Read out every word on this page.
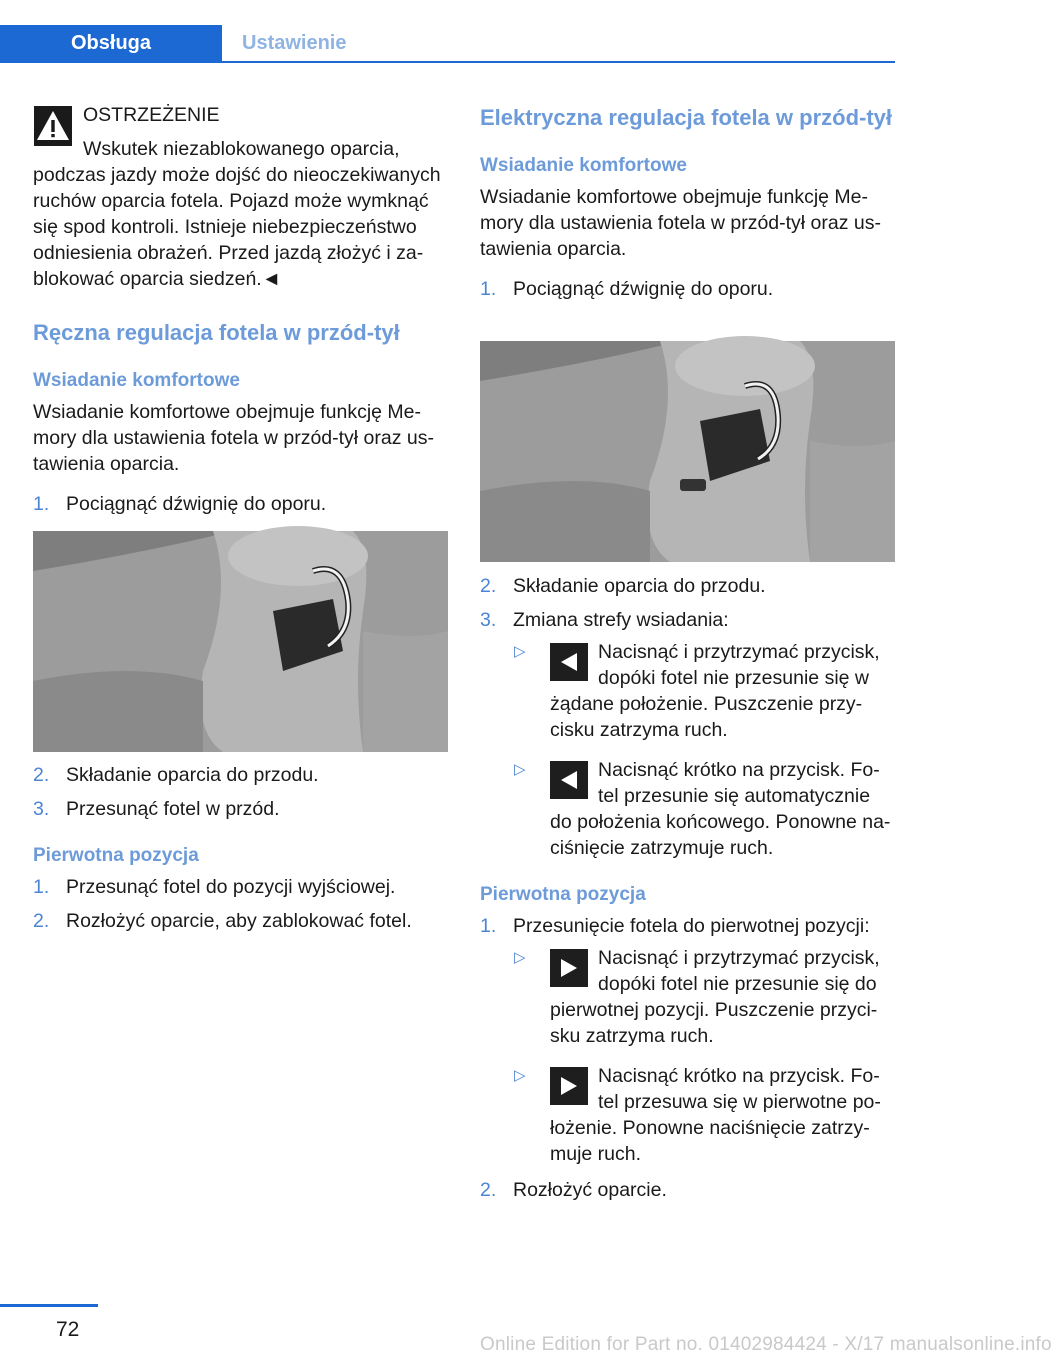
Obsługa	Ustawienie

OSTRZEŻENIE

Wskutek niezablokowanego oparcia,

podczas jazdy może dojść do nieoczekiwanych ruchów oparcia fotela. Pojazd może wymknąć się spod kontroli. Istnieje niebezpieczeństwo odniesienia obrażeń. Przed jazdą złożyć i za-blokować oparcia siedzeń.◄

Ręczna regulacja fotela w przód-tył

Wsiadanie komfortowe

Wsiadanie komfortowe obejmuje funkcję Me-mory dla ustawienia fotela w przód-tył oraz us-tawienia oparcia.

1. Pociągnąć dźwignię do oporu.
2. Składanie oparcia do przodu.
3. Przesunąć fotel w przód.

Pierwotna pozycja

1. Przesunąć fotel do pozycji wyjściowej.
2. Rozłożyć oparcie, aby zablokować fotel.

Elektryczna regulacja fotela w przód-tył

Wsiadanie komfortowe

Wsiadanie komfortowe obejmuje funkcję Me-mory dla ustawienia fotela w przód-tył oraz us-tawienia oparcia.

1. Pociągnąć dźwignię do oporu.
2. Składanie oparcia do przodu.
3. Zmiana strefy wsiadania:
▷	Nacisnąć i przytrzymać przycisk, dopóki fotel nie przesunie się w żądane położenie. Puszczenie przy-cisku zatrzyma ruch.
▷	Nacisnąć krótko na przycisk. Fo-tel przesunie się automatycznie do położenia końcowego. Ponowne na-ciśnięcie zatrzymuje ruch.

Pierwotna pozycja

1. Przesunięcie fotela do pierwotnej pozycji:
▷	Nacisnąć i przytrzymać przycisk, dopóki fotel nie przesunie się do pierwotnej pozycji. Puszczenie przyci-sku zatrzyma ruch.
▷	Nacisnąć krótko na przycisk. Fo-tel przesuwa się w pierwotne po-łożenie. Ponowne naciśnięcie zatrzy-muje ruch.
2. Rozłożyć oparcie.
72
Online Edition for Part no. 01402984424 - X/17 manualsonline.info
